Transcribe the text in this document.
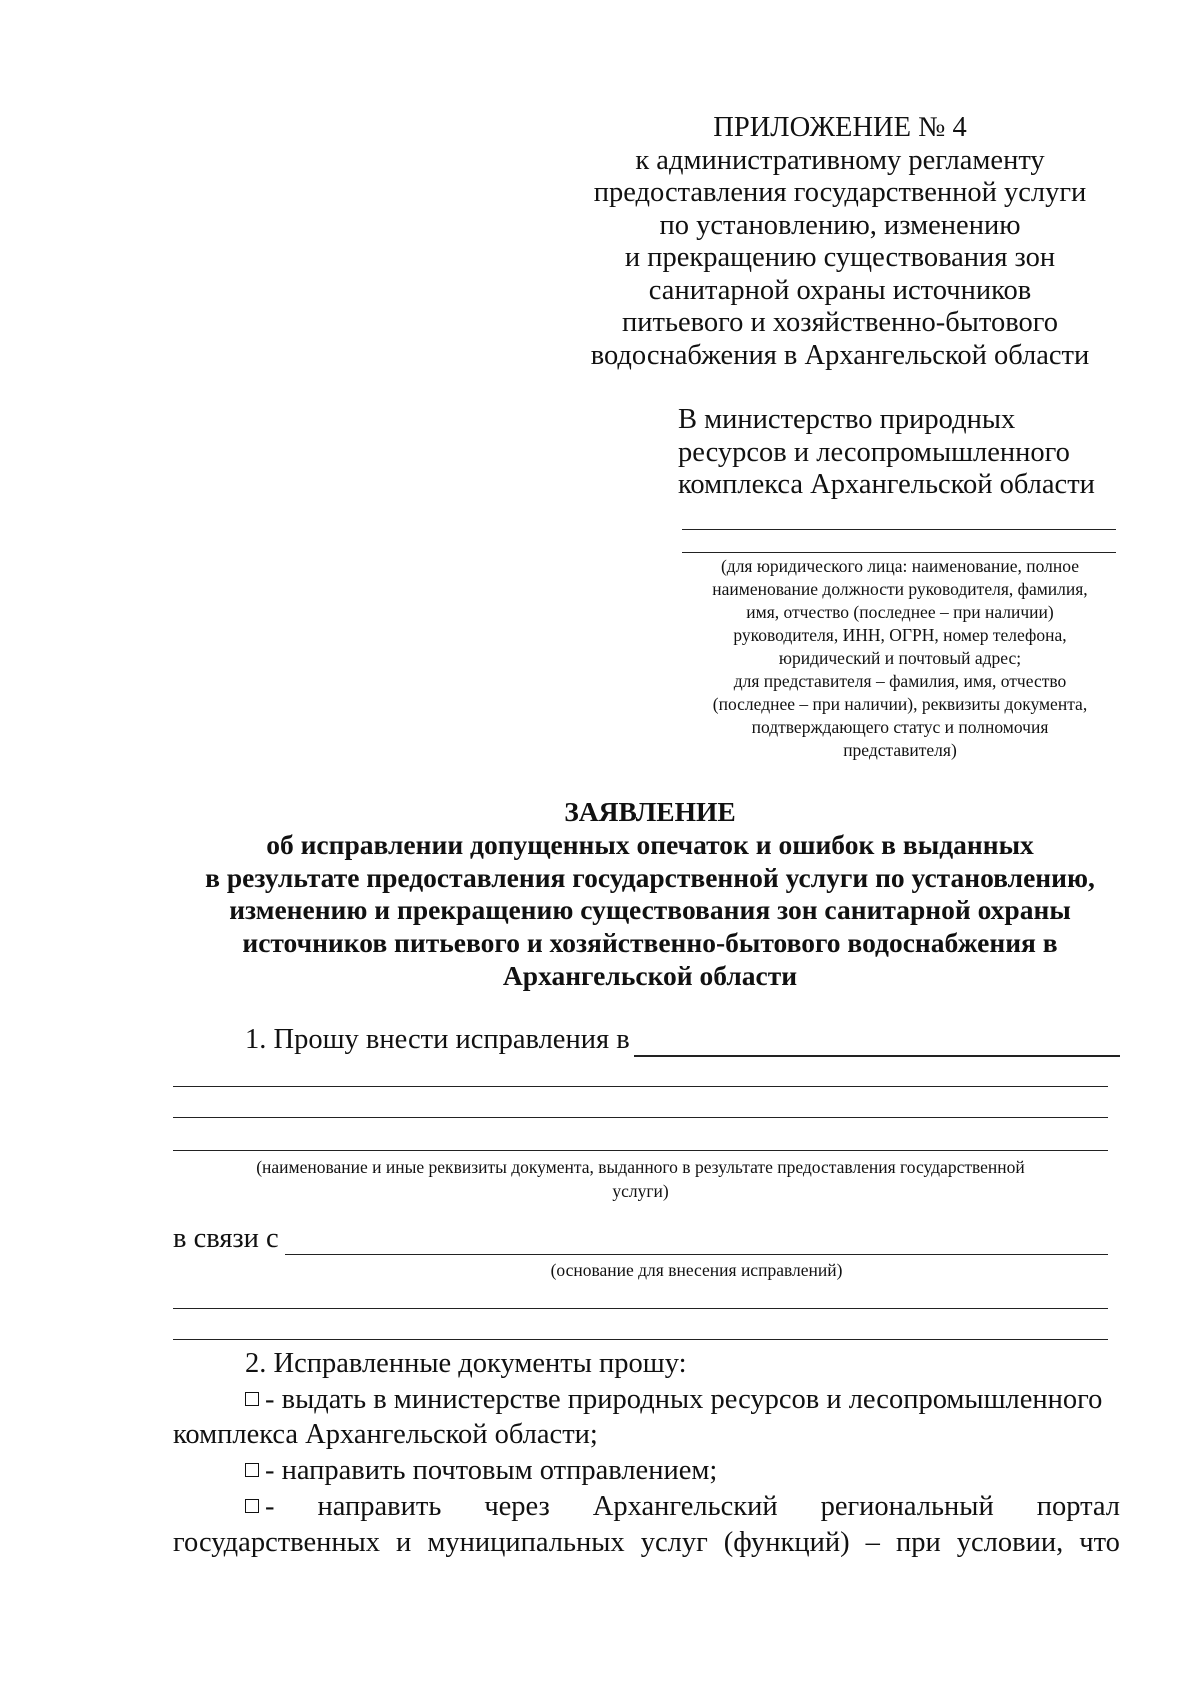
ПРИЛОЖЕНИЕ № 4
к административному регламенту
предоставления государственной услуги
по установлению, изменению
и прекращению существования зон
санитарной охраны источников
питьевого и хозяйственно-бытового
водоснабжения в Архангельской области
В министерство природных
ресурсов и лесопромышленного
комплекса Архангельской области
(для юридического лица: наименование, полное
наименование должности руководителя, фамилия,
имя, отчество (последнее – при наличии)
руководителя, ИНН, ОГРН, номер телефона,
юридический и почтовый адрес;
для представителя – фамилия, имя, отчество
(последнее – при наличии), реквизиты документа,
подтверждающего статус и полномочия
представителя)
ЗАЯВЛЕНИЕ
об исправлении допущенных опечаток и ошибок в выданных
в результате предоставления государственной услуги по установлению,
изменению и прекращению существования зон санитарной охраны
источников питьевого и хозяйственно-бытового водоснабжения в
Архангельской области
1. Прошу внести исправления в
(наименование и иные реквизиты документа, выданного в результате предоставления государственной
услуги)
в связи с
(основание для внесения исправлений)
2. Исправленные документы прошу:
- выдать в министерстве природных ресурсов и лесопромышленного
комплекса Архангельской области;
- направить почтовым отправлением;
- направить через Архангельский региональный портал
государственных и муниципальных услуг (функций) – при условии, что
